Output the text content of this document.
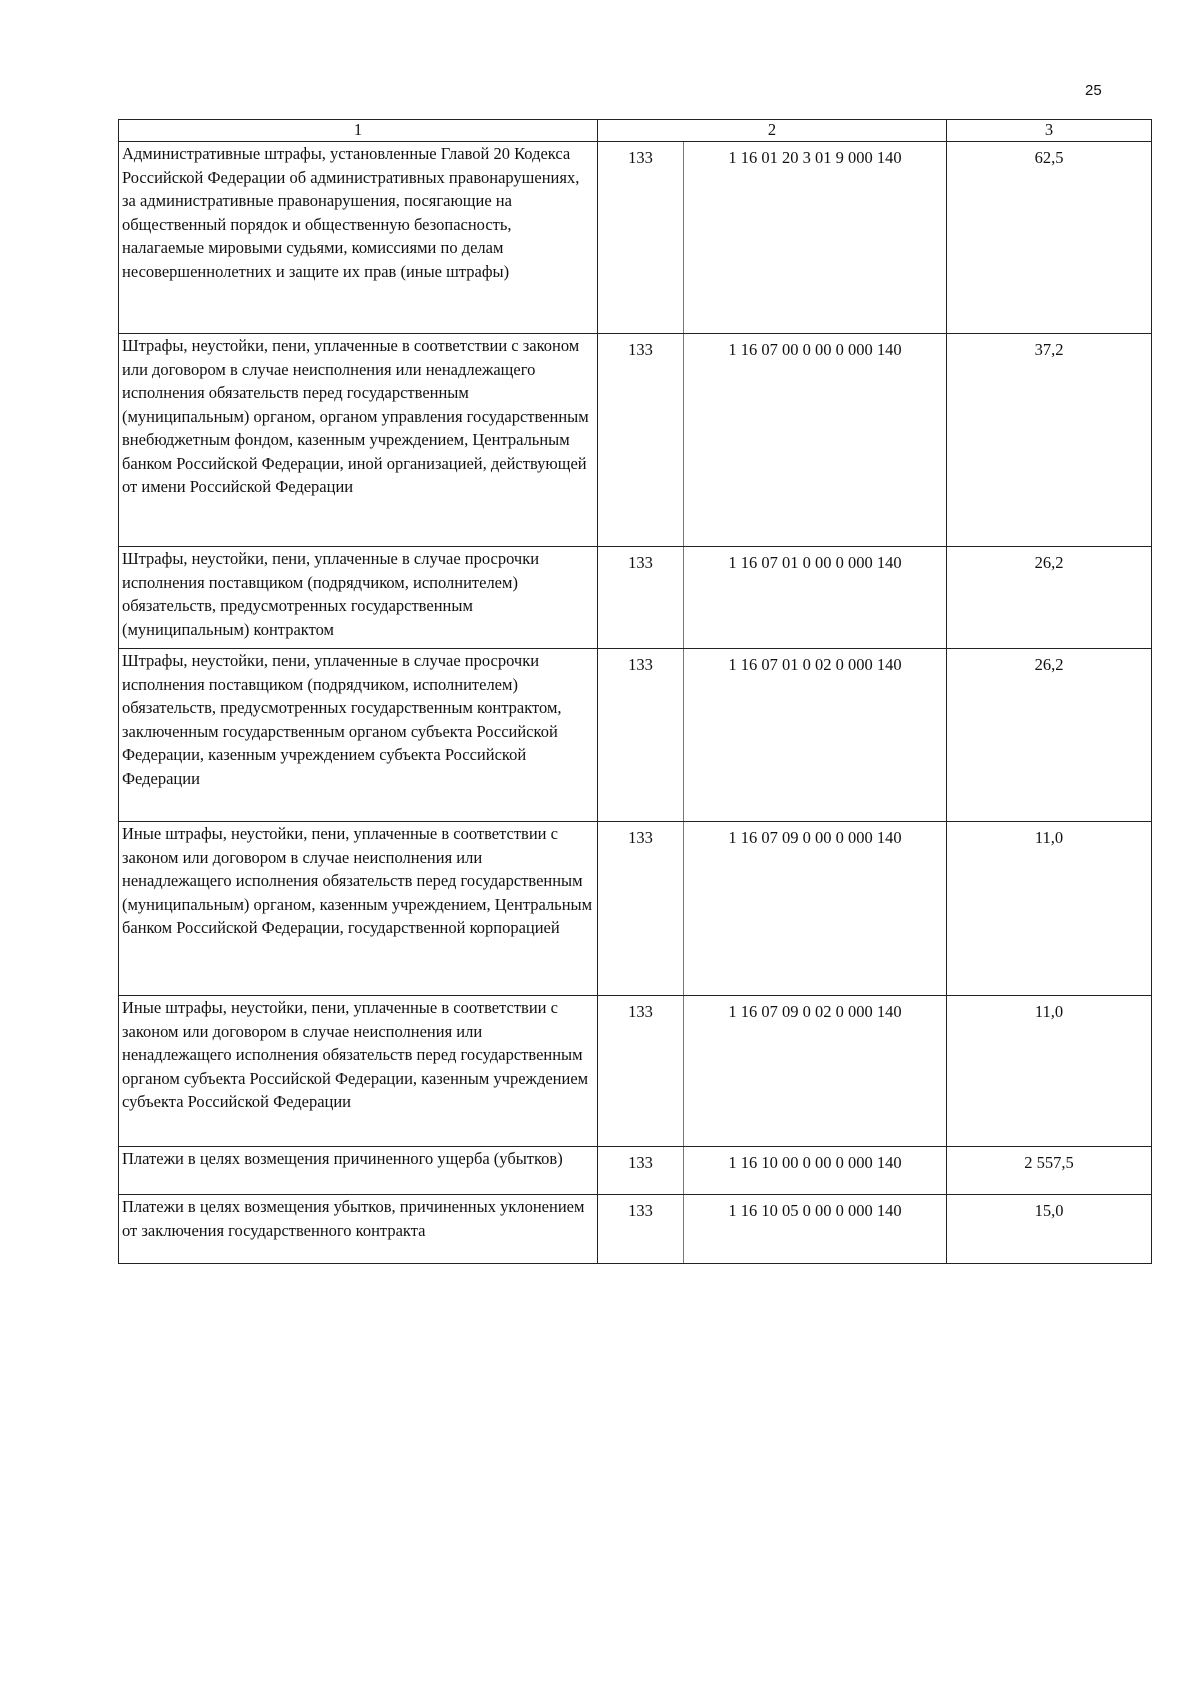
25
1	2		3
Административные штрафы, установленные Главой 20 Кодекса Российской Федерации об административных правонарушениях, за административные правонарушения, посягающие на общественный порядок и общественную безопасность, налагаемые мировыми судьями, комиссиями по делам несовершеннолетних и защите их прав (иные штрафы)	133	1 16 01 20 3 01 9 000 140	62,5
Штрафы, неустойки, пени, уплаченные в соответствии с законом или договором в случае неисполнения или ненадлежащего исполнения обязательств перед государственным (муниципальным) органом, органом управления государственным внебюджетным фондом, казенным учреждением, Центральным банком Российской Федерации, иной организацией, действующей от имени Российской Федерации	133	1 16 07 00 0 00 0 000 140	37,2
Штрафы, неустойки, пени, уплаченные в случае просрочки исполнения поставщиком (подрядчиком, исполнителем) обязательств, предусмотренных государственным (муниципальным) контрактом	133	1 16 07 01 0 00 0 000 140	26,2
Штрафы, неустойки, пени, уплаченные в случае просрочки исполнения поставщиком (подрядчиком, исполнителем) обязательств, предусмотренных государственным контрактом, заключенным государственным органом субъекта Российской Федерации, казенным учреждением субъекта Российской Федерации	133	1 16 07 01 0 02 0 000 140	26,2
Иные штрафы, неустойки, пени, уплаченные в соответствии с законом или договором в случае неисполнения или ненадлежащего исполнения обязательств перед государственным (муниципальным) органом, казенным учреждением, Центральным банком Российской Федерации, государственной корпорацией	133	1 16 07 09 0 00 0 000 140	11,0
Иные штрафы, неустойки, пени, уплаченные в соответствии с законом или договором в случае неисполнения или ненадлежащего исполнения обязательств перед государственным органом субъекта Российской Федерации, казенным учреждением субъекта Российской Федерации	133	1 16 07 09 0 02 0 000 140	11,0
Платежи в целях возмещения причиненного ущерба (убытков)	133	1 16 10 00 0 00 0 000 140	2 557,5
Платежи в целях возмещения убытков, причиненных уклонением от заключения государственного контракта	133	1 16 10 05 0 00 0 000 140	15,0
